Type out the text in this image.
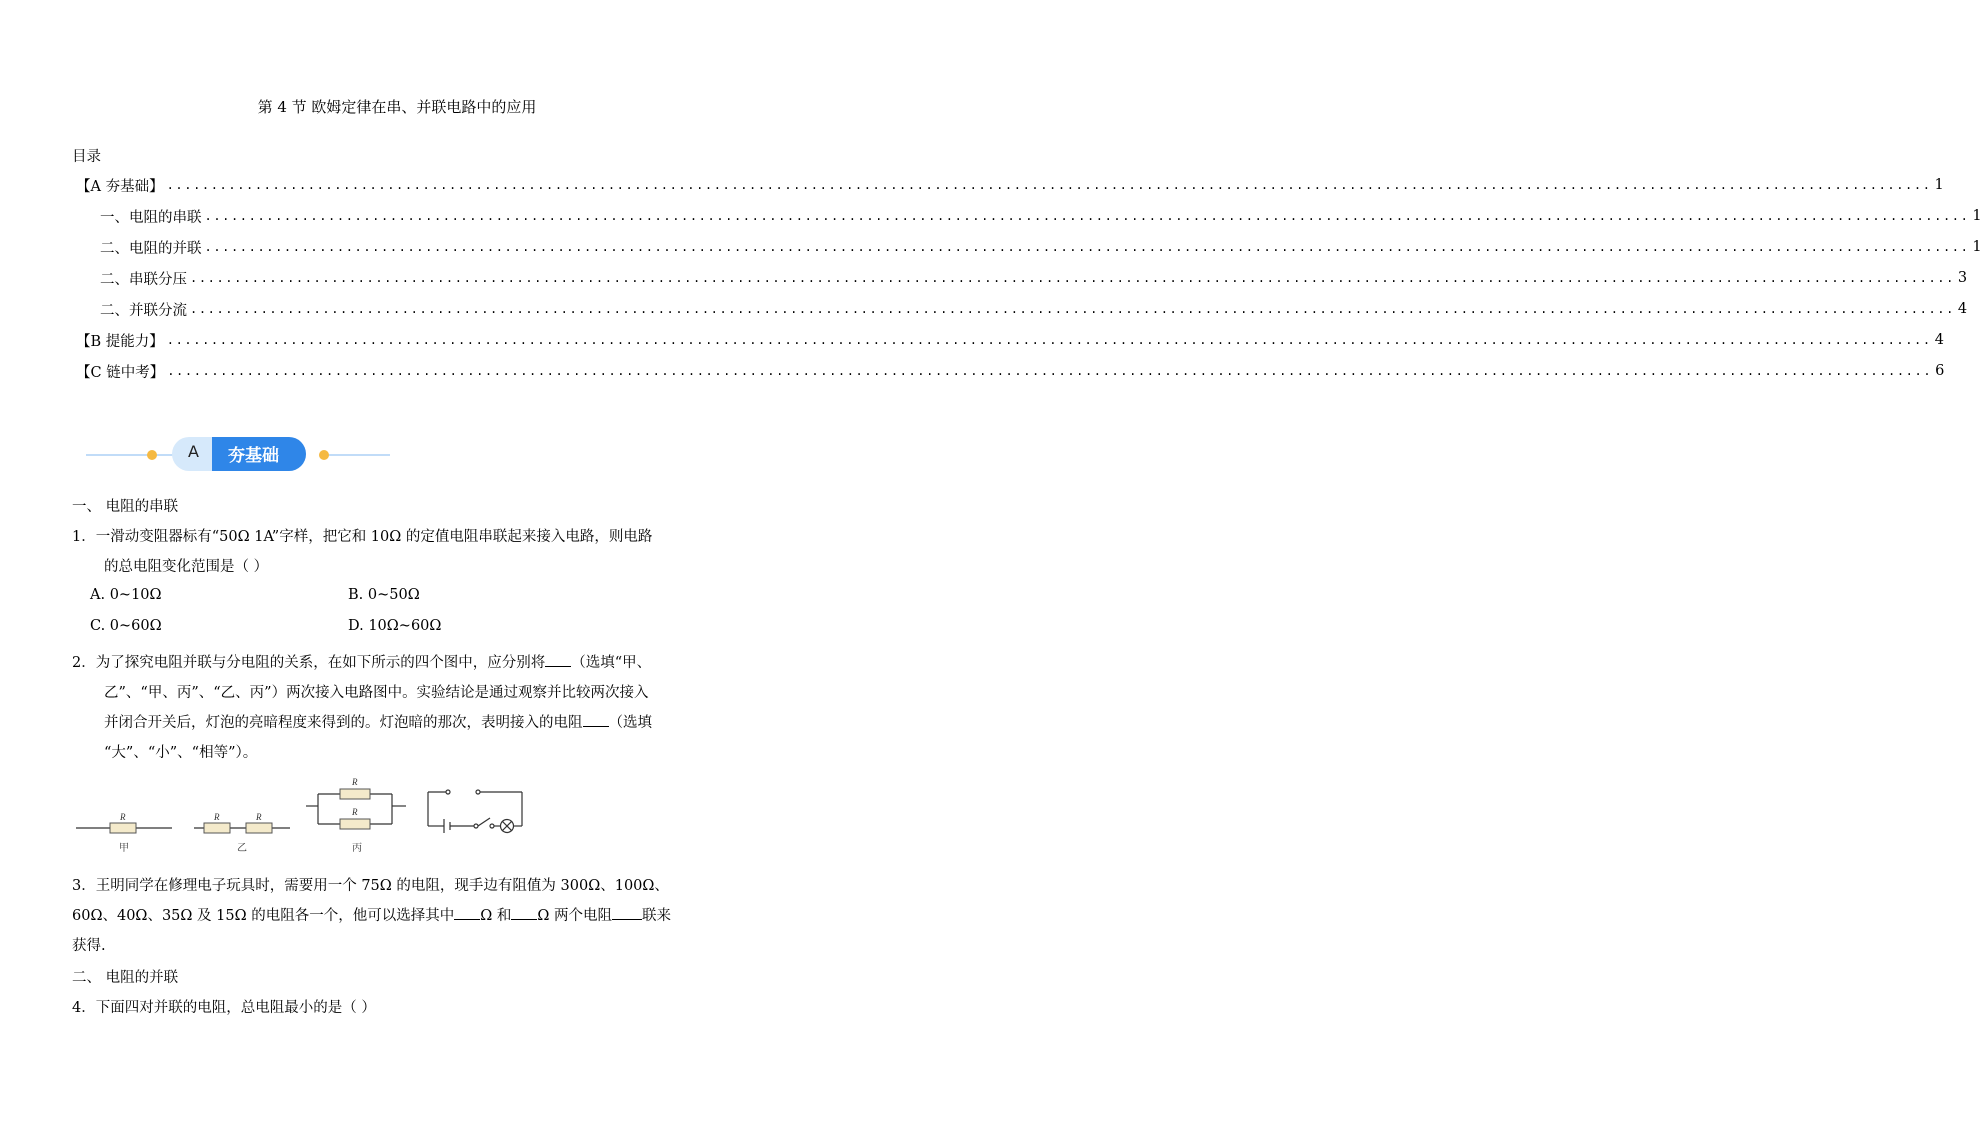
第 4 节 欧姆定律在串、并联电路中的应用
目录
【A 夯基础】 ........................................................................................................................................................................................................ 1
一、电阻的串联 ........................................................................................................................................................................................................ 1
二、电阻的并联 ........................................................................................................................................................................................................ 1
二、串联分压 ........................................................................................................................................................................................................ 3
二、并联分流 ........................................................................................................................................................................................................ 4
【B 提能力】 ........................................................................................................................................................................................................ 4
【C 链中考】 ........................................................................................................................................................................................................ 6
A 夯基础
一、 电阻的串联
1．一滑动变阻器标有“50Ω 1A”字样，把它和 10Ω 的定值电阻串联起来接入电路，则电路
的总电阻变化范围是（ ）
A. 0~10Ω	B. 0~50Ω
C. 0~60Ω	D. 10Ω~60Ω
2．为了探究电阻并联与分电阻的关系，在如下所示的四个图中，应分别将 （选填“甲、
乙”、“甲、丙”、“乙、丙”）两次接入电路图中。实验结论是通过观察并比较两次接入
并闭合开关后，灯泡的亮暗程度来得到的。灯泡暗的那次，表明接入的电阻 （选填
“大”、“小”、“相等”）。
R
甲
R	R
乙
R
R
丙
3．王明同学在修理电子玩具时，需要用一个 75Ω 的电阻，现手边有阻值为 300Ω、100Ω、
60Ω、40Ω、35Ω 及 15Ω 的电阻各一个，他可以选择其中 Ω 和 Ω 两个电阻 联来
获得.
二、 电阻的并联
4．下面四对并联的电阻，总电阻最小的是（ ）
